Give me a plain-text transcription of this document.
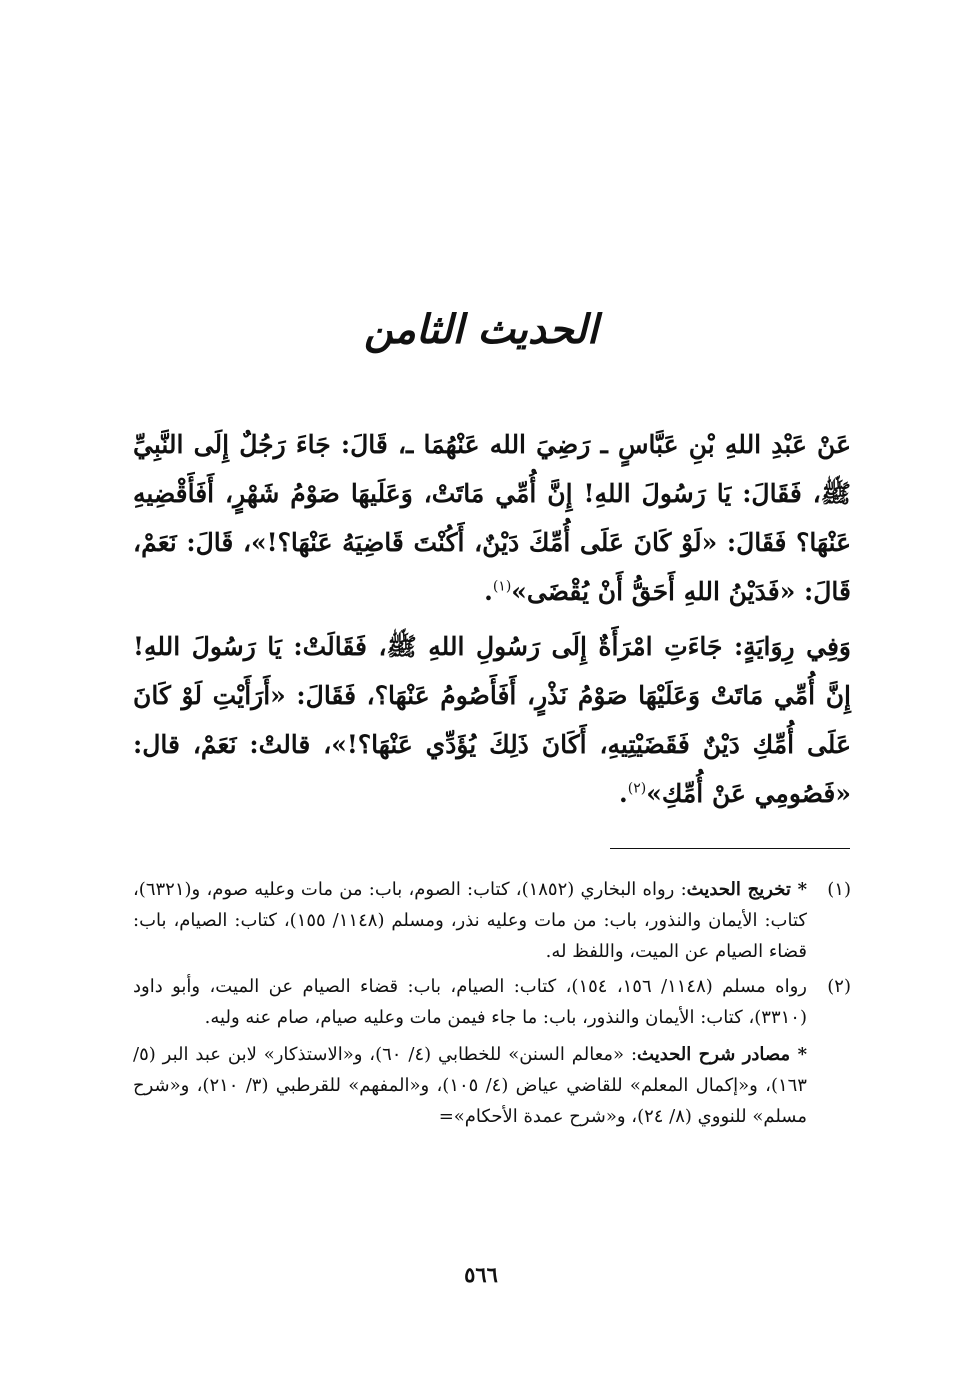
الحديث الثامن

عَنْ عَبْدِ اللهِ بْنِ عَبَّاسٍ ـ رَضِيَ الله عَنْهُمَا ـ، قَالَ: جَاءَ رَجُلٌ إِلَى النَّبِيِّ ﷺ، فَقَالَ: يَا رَسُولَ اللهِ! إِنَّ أُمِّي مَاتَتْ، وَعَلَيهَا صَوْمُ شَهْرٍ، أَفَأَقْضِيهِ عَنْهَا؟ فَقَالَ: «لَوْ كَانَ عَلَى أُمِّكَ دَيْنٌ، أَكُنْتَ قَاضِيَهُ عَنْهَا؟!»، قَالَ: نَعَمْ، قَالَ: «فَدَيْنُ اللهِ أَحَقُّ أَنْ يُقْضَى»$^{(١)}$.

وَفِي رِوَايَةٍ: جَاءَتِ امْرَأَةٌ إِلَى رَسُولِ اللهِ ﷺ، فَقَالَتْ: يَا رَسُولَ اللهِ! إِنَّ أُمِّي مَاتَتْ وَعَلَيْهَا صَوْمُ نَذْرٍ، أَفَأَصُومُ عَنْهَا؟، فَقَالَ: «أَرَأَيْتِ لَوْ كَانَ عَلَى أُمِّكِ دَيْنٌ فَقَضَيْتِيهِ، أَكَانَ ذَلِكَ يُؤَدِّي عَنْهَا؟!»، قالتْ: نَعَمْ، قال: «فَصُومِي عَنْ أُمِّكِ»$^{(٢)}$.

(١)
* تخريج الحديث: رواه البخاري (١٨٥٢)، كتاب: الصوم، باب: من مات وعليه صوم، و(٦٣٢١)، كتاب: الأيمان والنذور، باب: من مات وعليه نذر، ومسلم (١١٤٨/ ١٥٥)، كتاب: الصيام، باب: قضاء الصيام عن الميت، واللفظ له.
(٢)
رواه مسلم (١١٤٨/ ١٥٦، ١٥٤)، كتاب: الصيام، باب: قضاء الصيام عن الميت، وأبو داود (٣٣١٠)، كتاب: الأيمان والنذور، باب: ما جاء فيمن مات وعليه صيام، صام عنه وليه.
* مصادر شرح الحديث: «معالم السنن» للخطابي (٤/ ٦٠)، و«الاستذكار» لابن عبد البر (٥/ ١٦٣)، و«إكمال المعلم» للقاضي عياض (٤/ ١٠٥)، و«المفهم» للقرطبي (٣/ ٢١٠)، و«شرح مسلم» للنووي (٨/ ٢٤)، و«شرح عمدة الأحكام»=
٥٦٦
